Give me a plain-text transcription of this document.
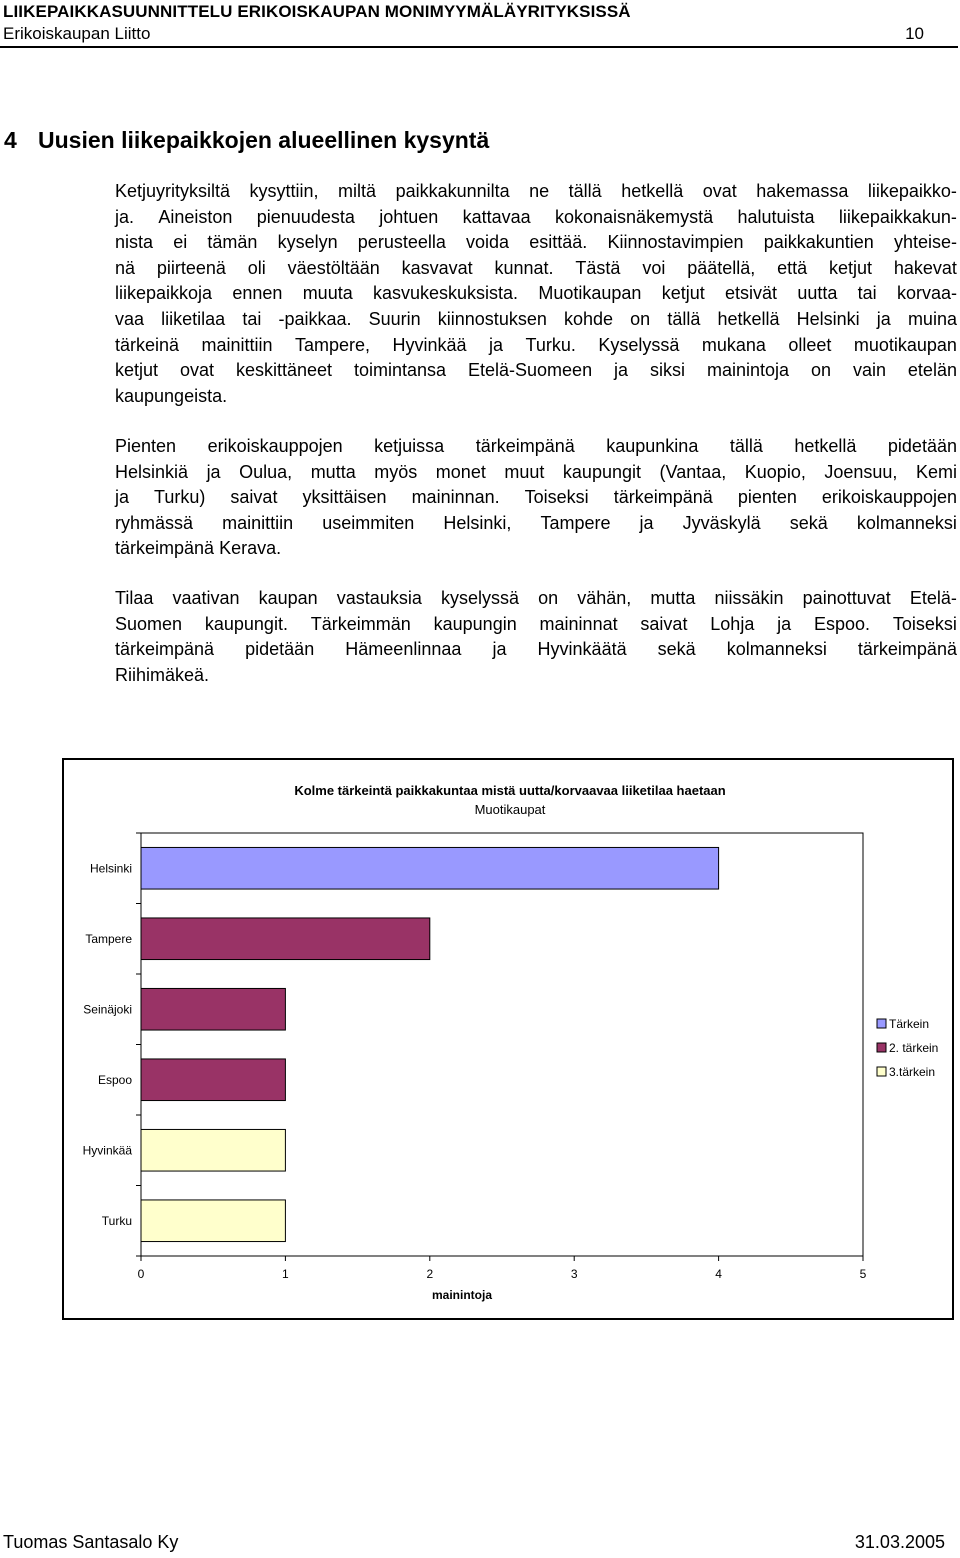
LIIKEPAIKKASUUNNITTELU ERIKOISKAUPAN MONIMYYMÄLÄYRITYKSISSÄ
Erikoiskaupan Liitto	10
4 Uusien liikepaikkojen alueellinen kysyntä
Ketjuyrityksiltä kysyttiin, miltä paikkakunnilta ne tällä hetkellä ovat hakemassa liikepaikko-
ja. Aineiston pienuudesta johtuen kattavaa kokonaisnäkemystä halutuista liikepaikkakun-
nista ei tämän kyselyn perusteella voida esittää. Kiinnostavimpien paikkakuntien yhteise-
nä piirteenä oli väestöltään kasvavat kunnat. Tästä voi päätellä, että ketjut hakevat
liikepaikkoja ennen muuta kasvukeskuksista. Muotikaupan ketjut etsivät uutta tai korvaa-
vaa liiketilaa tai -paikkaa. Suurin kiinnostuksen kohde on tällä hetkellä Helsinki ja muina
tärkeinä mainittiin Tampere, Hyvinkää ja Turku. Kyselyssä mukana olleet muotikaupan
ketjut ovat keskittäneet toimintansa Etelä-Suomeen ja siksi mainintoja on vain etelän
kaupungeista.
Pienten erikoiskauppojen ketjuissa tärkeimpänä kaupunkina tällä hetkellä pidetään
Helsinkiä ja Oulua, mutta myös monet muut kaupungit (Vantaa, Kuopio, Joensuu, Kemi
ja Turku) saivat yksittäisen maininnan. Toiseksi tärkeimpänä pienten erikoiskauppojen
ryhmässä mainittiin useimmiten Helsinki, Tampere ja Jyväskylä sekä kolmanneksi
tärkeimpänä Kerava.
Tilaa vaativan kaupan vastauksia kyselyssä on vähän, mutta niissäkin painottuvat Etelä-
Suomen kaupungit. Tärkeimmän kaupungin maininnat saivat Lohja ja Espoo. Toiseksi
tärkeimpänä pidetään Hämeenlinnaa ja Hyvinkäätä sekä kolmanneksi tärkeimpänä
Riihimäkeä.
Kolme tärkeintä paikkakuntaa mistä uutta/korvaavaa liiketilaa haetaan
Muotikaupat
Helsinki
Tampere
Seinäjoki
Espoo
Hyvinkää
Turku
0	1	2	3	4	5
mainintoja
Tärkein
2. tärkein
3.tärkein
Tuomas Santasalo Ky	31.03.2005
